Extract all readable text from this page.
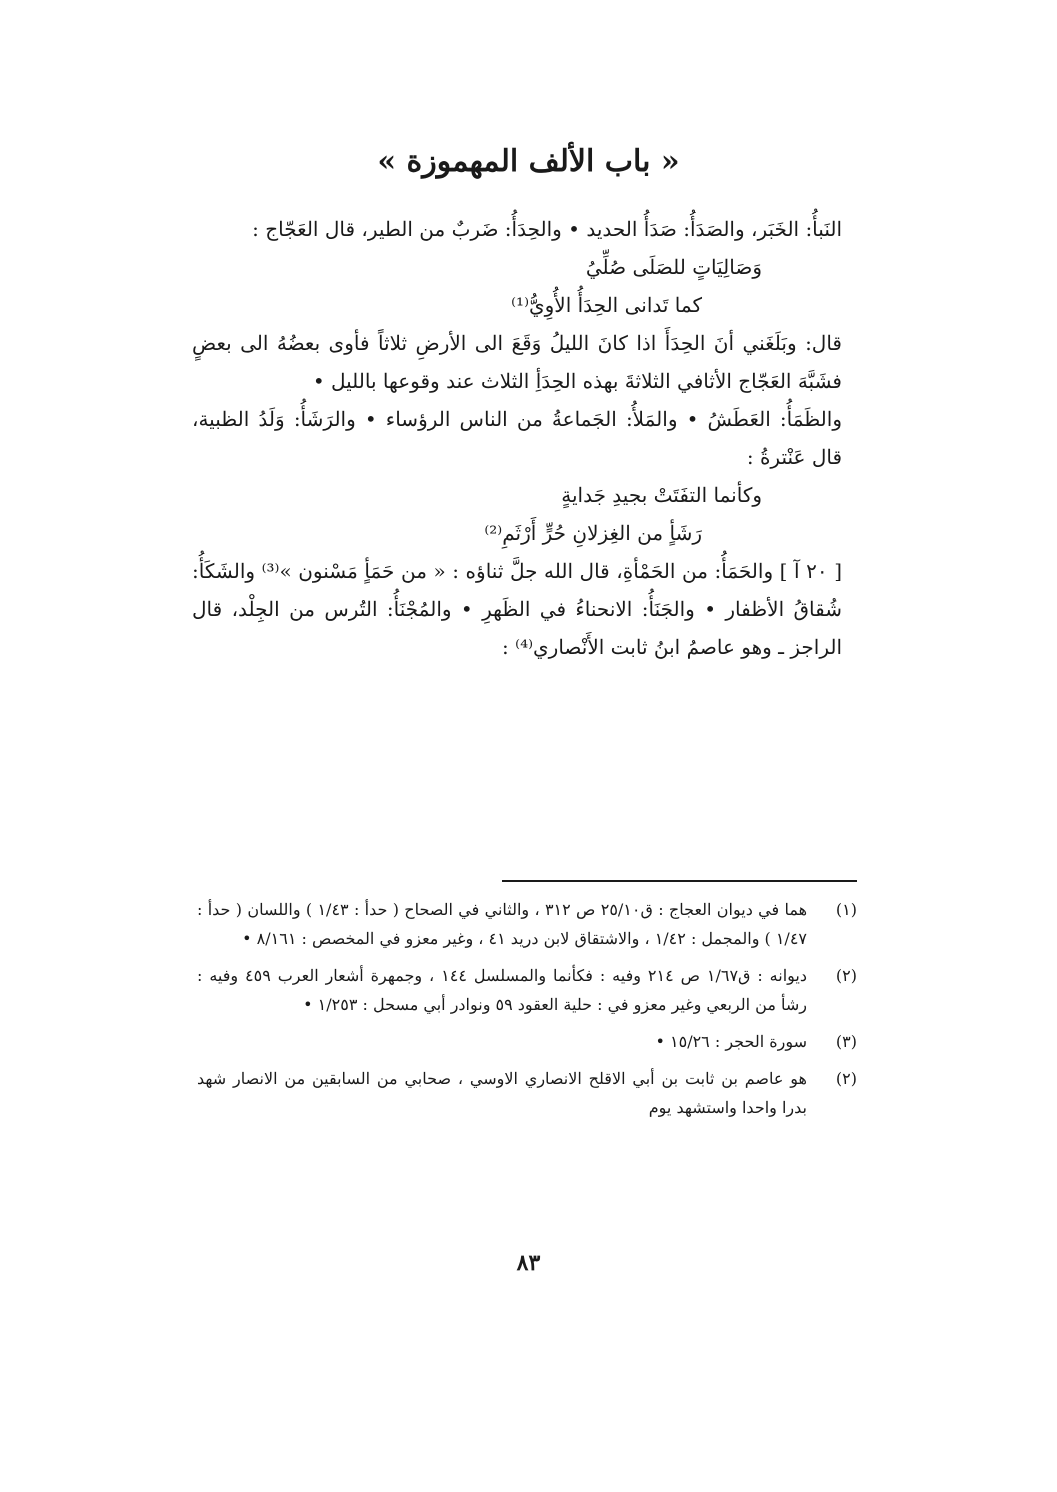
« باب الألف المهموزة »

النَبأُ: الخَبَر، والصَدَأُ: صَدَأُ الحديد • والحِدَأُ: ضَربٌ من الطير، قال العَجّاج :

وَصَالِيَاتٍ للصَلَى صُلِّيُ

كما تَدانى الحِدَأُ الأُوِيُّ⁽¹⁾

قال: وبَلَغَني أنَ الحِدَأَ اذا كانَ الليلُ وَقَعَ الى الأرضِ ثلاثاً فأوى بعضُهُ الى بعضٍ فشَبَّهَ العَجّاج الأثافي الثلاثةَ بهذه الحِدَأِ الثلاث عند وقوعها بالليل •

والظَمَأُ: العَطَشُ • والمَلأُ: الجَماعةُ من الناس الرؤساء • والرَشَأُ: وَلَدُ الظبية، قال عَنْترةُ :

وكأنما التفَتَتْ بجيدِ جَدايةٍ

رَشَأٍ من الغِزلانِ حُرٍّ أَرْثَمِ⁽²⁾

[ ٢٠ آ ] والحَمَأُ: من الحَمْأةِ، قال الله جلَّ ثناؤه : « من حَمَأٍ مَسْنون »⁽³⁾ والشَكَأُ: شُقاقُ الأظفار • والجَنَأُ: الانحناءُ في الظَهرِ • والمُجْنَأُ: التُرس من الجِلْد، قال الراجز ـ وهو عاصمُ ابنُ ثابت الأَنْصاري⁽⁴⁾ :

(١)
هما في ديوان العجاج : ق٢٥/١٠ ص ٣١٢ ، والثاني في الصحاح ( حدأ : ١/٤٣ ) واللسان ( حدأ : ١/٤٧ ) والمجمل : ١/٤٢ ، والاشتقاق لابن دريد ٤١ ، وغير معزو في المخصص : ٨/١٦١ •
(٢)
ديوانه : ق١/٦٧ ص ٢١٤ وفيه : فكأنما والمسلسل ١٤٤ ، وجمهرة أشعار العرب ٤٥٩ وفيه : رشأ من الربعي وغير معزو في : حلية العقود ٥٩ ونوادر أبي مسحل : ١/٢٥٣ •
(٣)
سورة الحجر : ١٥/٢٦ •
(٢)
هو عاصم بن ثابت بن أبي الاقلح الانصاري الاوسي ، صحابي من السابقين من الانصار شهد بدرا واحدا واستشهد يوم
٨٣
